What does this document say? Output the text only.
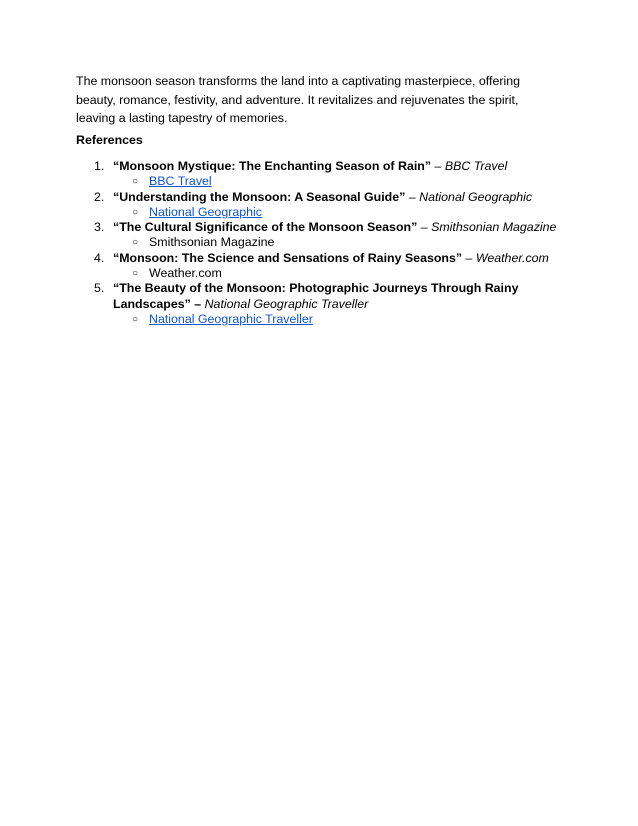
The monsoon season transforms the land into a captivating masterpiece, offering beauty, romance, festivity, and adventure. It revitalizes and rejuvenates the spirit, leaving a lasting tapestry of memories.

References

1. “Monsoon Mystique: The Enchanting Season of Rain” – BBC Travel
○ BBC Travel
2. “Understanding the Monsoon: A Seasonal Guide” – National Geographic
○ National Geographic
3. “The Cultural Significance of the Monsoon Season” – Smithsonian Magazine
○ Smithsonian Magazine
4. “Monsoon: The Science and Sensations of Rainy Seasons” – Weather.com
○ Weather.com
5. “The Beauty of the Monsoon: Photographic Journeys Through Rainy Landscapes” – National Geographic Traveller
○ National Geographic Traveller
